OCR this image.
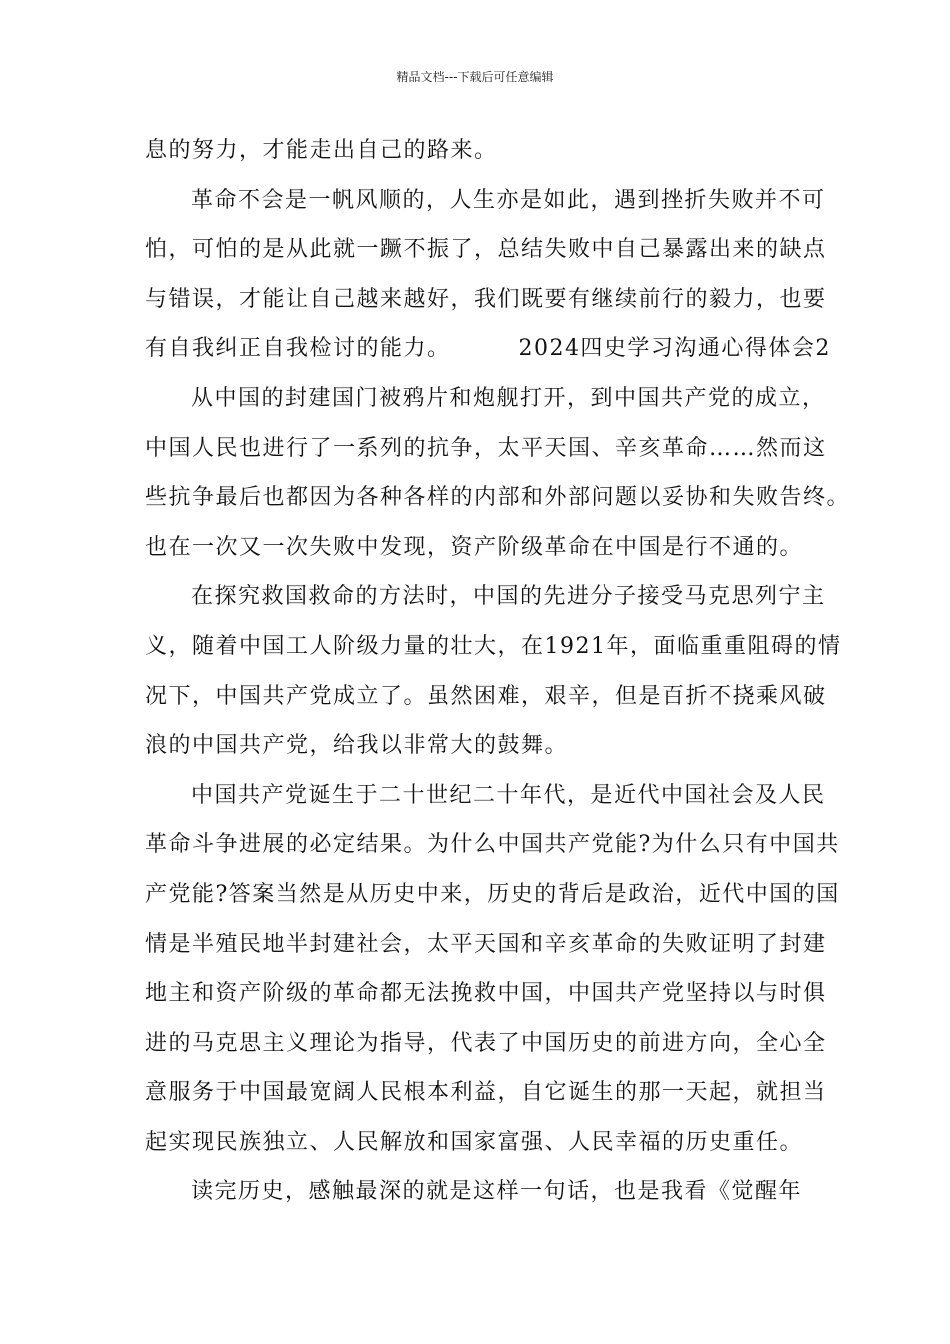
精品文档---下载后可任意编辑
息的努力，才能走出自己的路来。
革命不会是一帆风顺的，人生亦是如此，遇到挫折失败并不可
怕，可怕的是从此就一蹶不振了，总结失败中自己暴露出来的缺点
与错误，才能让自己越来越好，我们既要有继续前行的毅力，也要
有自我纠正自我检讨的能力。        2024四史学习沟通心得体会2
从中国的封建国门被鸦片和炮舰打开，到中国共产党的成立，
中国人民也进行了一系列的抗争，太平天国、辛亥革命……然而这
些抗争最后也都因为各种各样的内部和外部问题以妥协和失败告终。
也在一次又一次失败中发现，资产阶级革命在中国是行不通的。
在探究救国救命的方法时，中国的先进分子接受马克思列宁主
义，随着中国工人阶级力量的壮大，在1921年，面临重重阻碍的情
况下，中国共产党成立了。虽然困难，艰辛，但是百折不挠乘风破
浪的中国共产党，给我以非常大的鼓舞。
中国共产党诞生于二十世纪二十年代，是近代中国社会及人民
革命斗争进展的必定结果。为什么中国共产党能?为什么只有中国共
产党能?答案当然是从历史中来，历史的背后是政治，近代中国的国
情是半殖民地半封建社会，太平天国和辛亥革命的失败证明了封建
地主和资产阶级的革命都无法挽救中国，中国共产党坚持以与时俱
进的马克思主义理论为指导，代表了中国历史的前进方向，全心全
意服务于中国最宽阔人民根本利益，自它诞生的那一天起，就担当
起实现民族独立、人民解放和国家富强、人民幸福的历史重任。
读完历史，感触最深的就是这样一句话，也是我看《觉醒年
